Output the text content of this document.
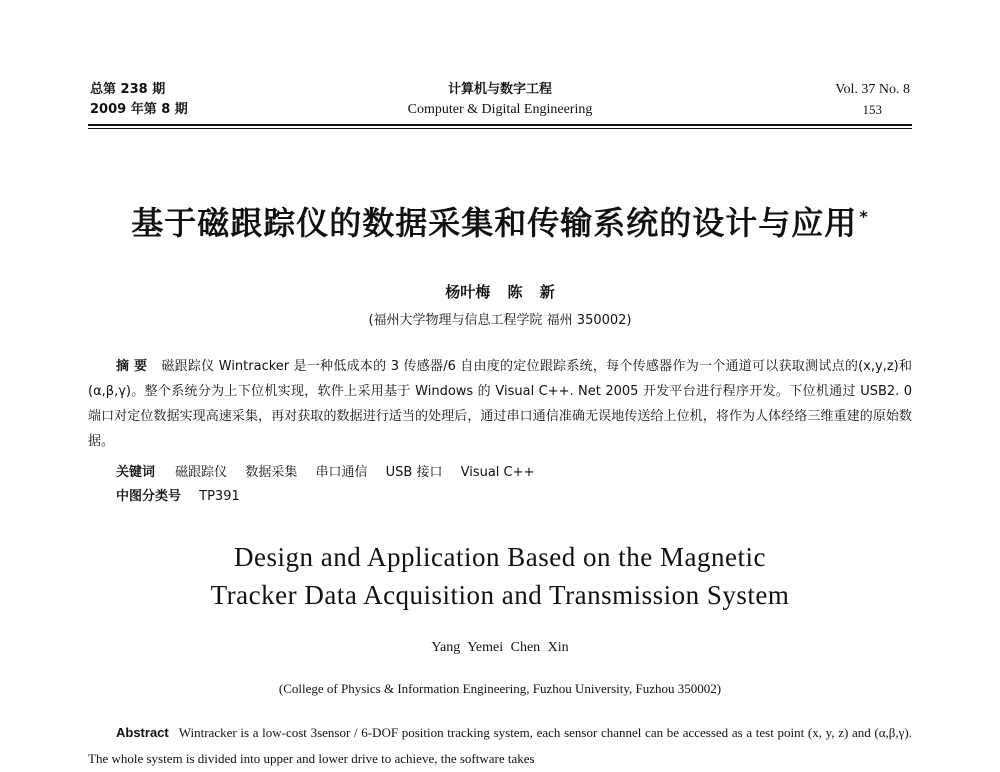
总第 238 期
2009 年第 8 期
计算机与数字工程
Computer & Digital Engineering
Vol. 37 No. 8
153
基于磁跟踪仪的数据采集和传输系统的设计与应用 *
杨叶梅 陈 新
(福州大学物理与信息工程学院 福州 350002)
摘 要 磁跟踪仪 Wintracker 是一种低成本的 3 传感器/6 自由度的定位跟踪系统，每个传感器作为一个通道可以获取测试点的(x,y,z)和(α,β,γ)。整个系统分为上下位机实现，软件上采用基于 Windows 的 Visual C++. Net 2005 开发平台进行程序开发。下位机通过 USB2. 0 端口对定位数据实现高速采集，再对获取的数据进行适当的处理后，通过串口通信准确无误地传送给上位机，将作为人体经络三维重建的原始数据。
关键词 磁跟踪仪 数据采集 串口通信 USB 接口 Visual C++
中图分类号 TP391
Design and Application Based on the Magnetic
Tracker Data Acquisition and Transmission System
Yang Yemei Chen Xin
(College of Physics & Information Engineering, Fuzhou University, Fuzhou 350002)
Abstract Wintracker is a low-cost 3sensor / 6-DOF position tracking system, each sensor channel can be accessed as a test point (x, y, z) and (α,β,γ). The whole system is divided into upper and lower drive to achieve, the software takes
